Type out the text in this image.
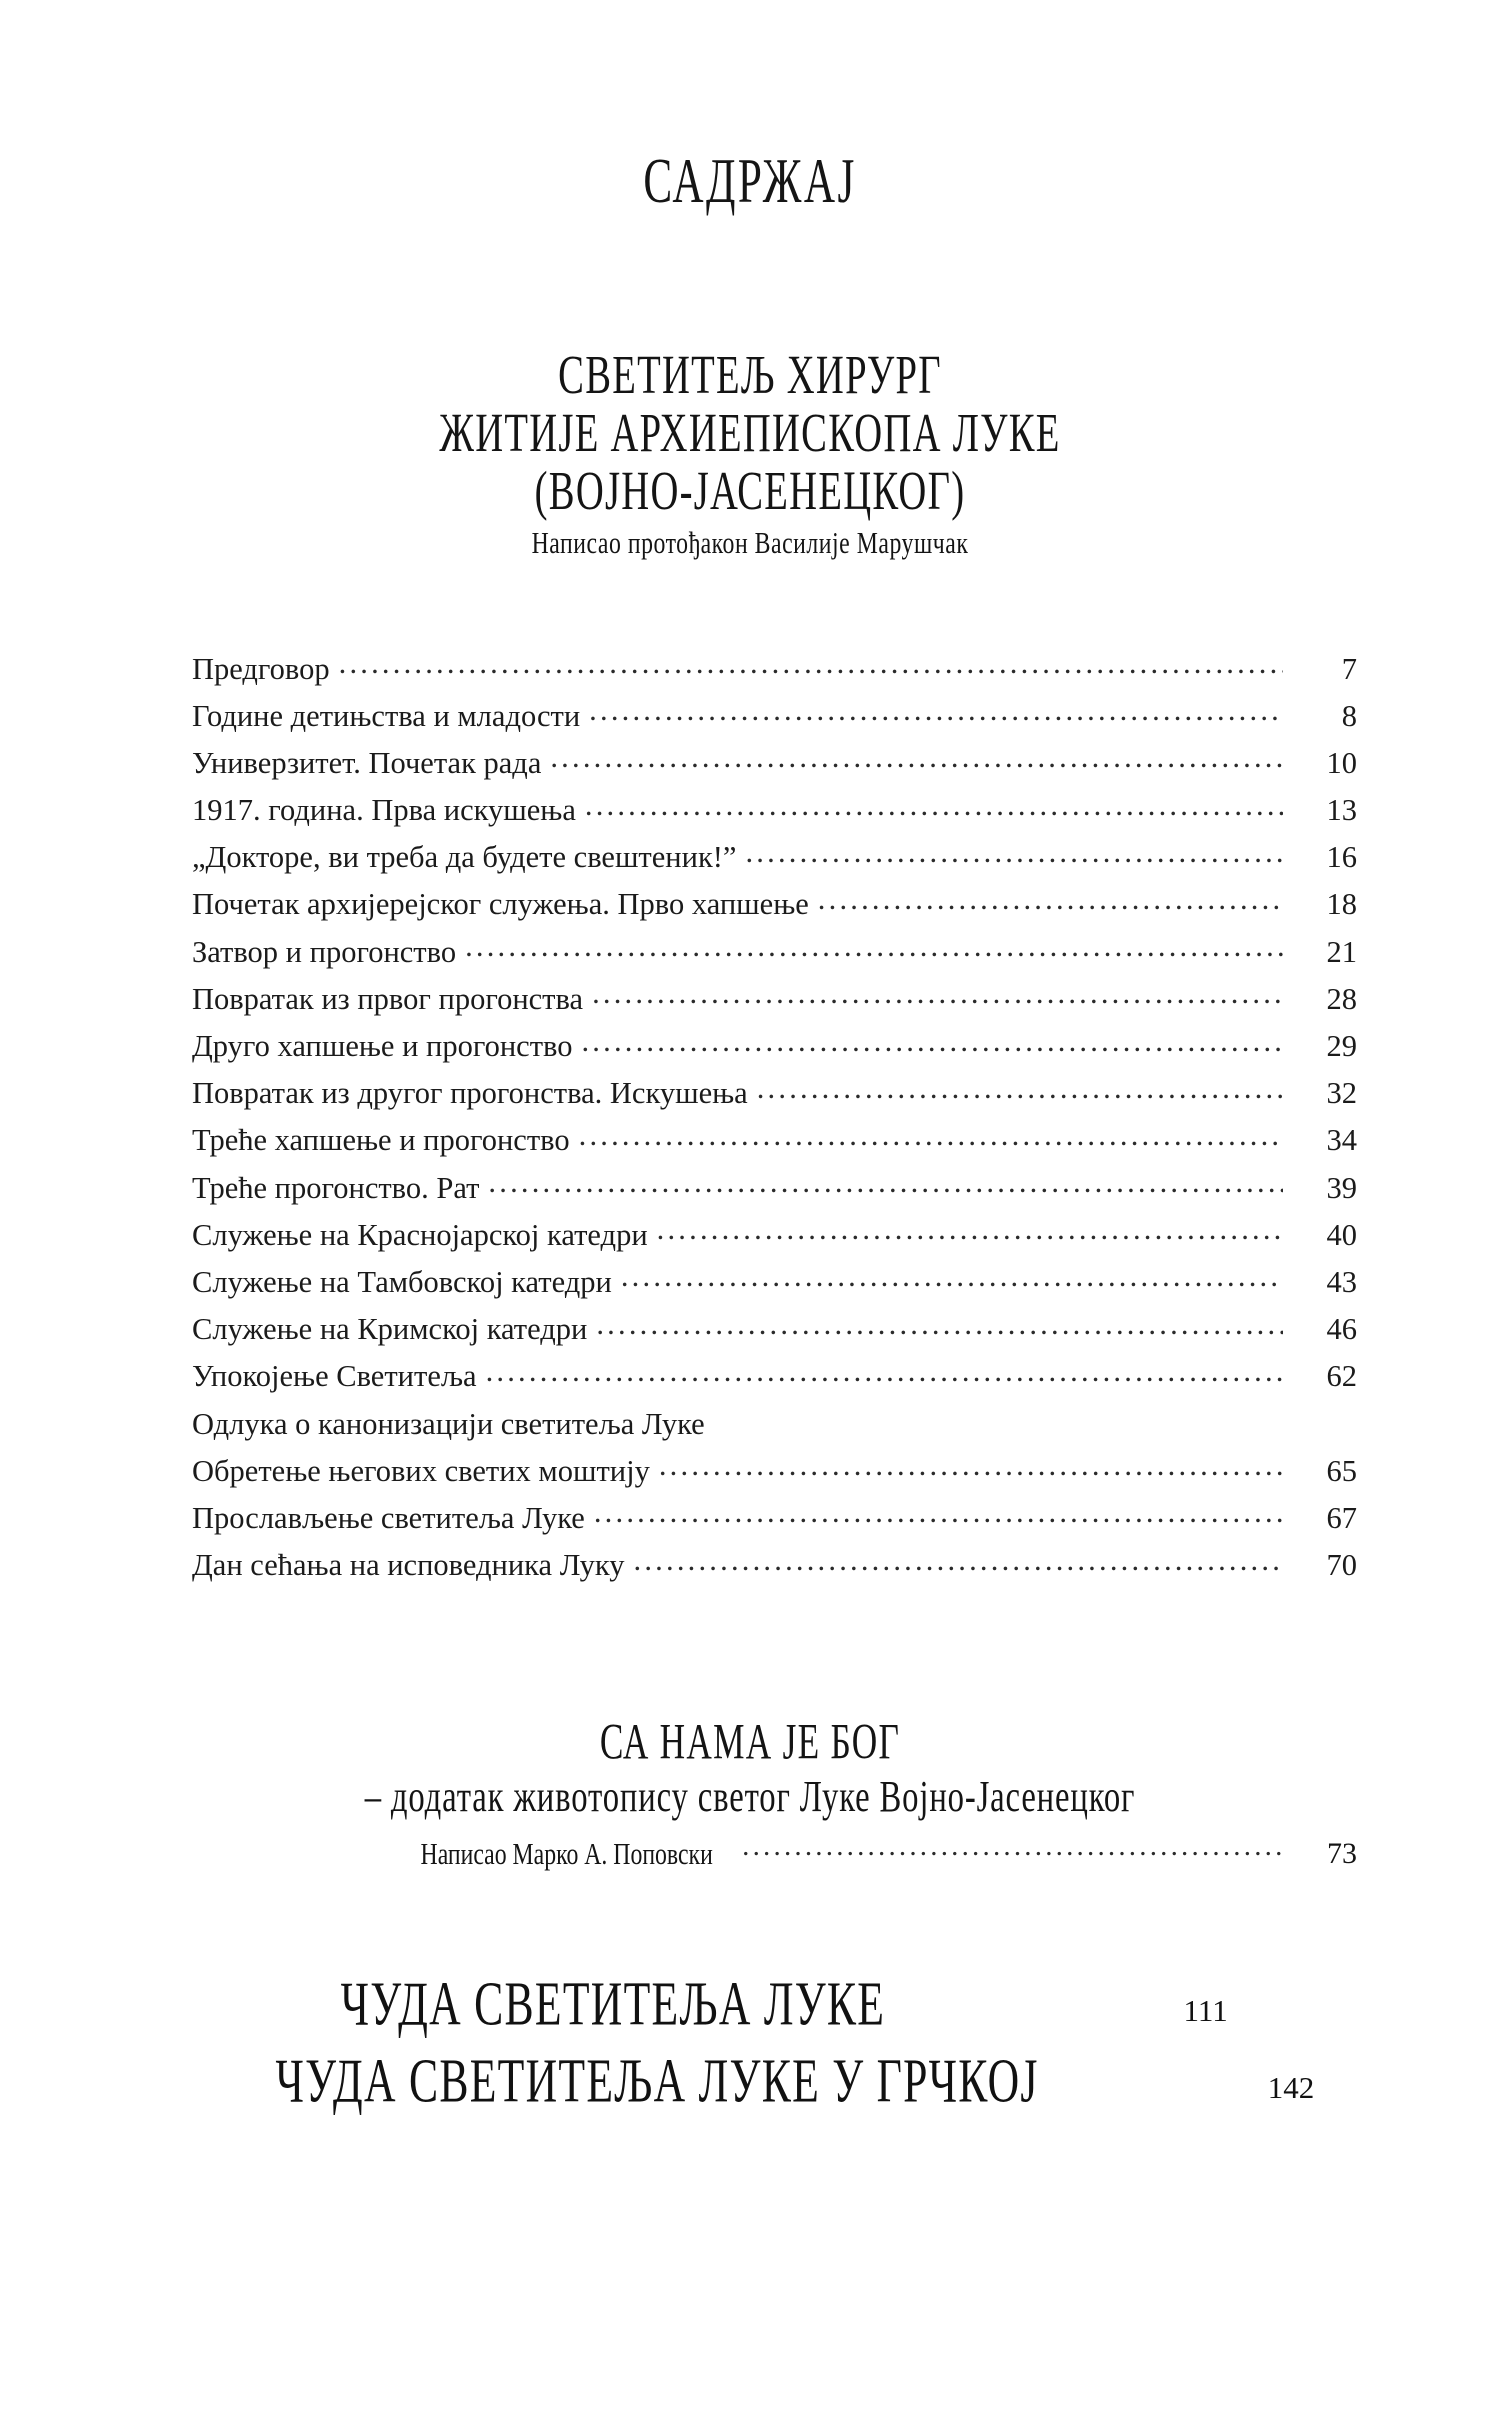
САДРЖАЈ
СВЕТИТЕЉ ХИРУРГ
ЖИТИЈЕ АРХИЕПИСКОПА ЛУКЕ
(ВОЈНО-ЈАСЕНЕЦКОГ)
Написао протођакон Василије Марушчак
Предговор .....	7
Године детињства и младости .....	8
Универзитет. Почетак рада .....	10
1917. година. Прва искушења .....	13
„Докторе, ви треба да будете свештеник!” .....	16
Почетак архијерејског служења. Прво хапшење .....	18
Затвор и прогонство .....	21
Повратак из првог прогонства .....	28
Друго хапшење и прогонство .....	29
Повратак из другог прогонства. Искушења .....	32
Треће хапшење и прогонство .....	34
Треће прогонство. Рат .....	39
Служење на Краснојарској катедри .....	40
Служење на Тамбовској катедри .....	43
Служење на Кримској катедри .....	46
Упокојење Светитеља .....	62
Одлука о канонизацији светитеља Луке
Обретење његових светих моштију .....	65
Прослављење светитеља Луке .....	67
Дан сећања на исповедника Луку .....	70
СА НАМА ЈЕ БОГ
– додатак животопису светог Луке Војно-Јасенецког
Написао Марко А. Поповски .....	73
ЧУДА СВЕТИТЕЉА ЛУКЕ .....	111
ЧУДА СВЕТИТЕЉА ЛУКЕ У ГРЧКОЈ .....	142
